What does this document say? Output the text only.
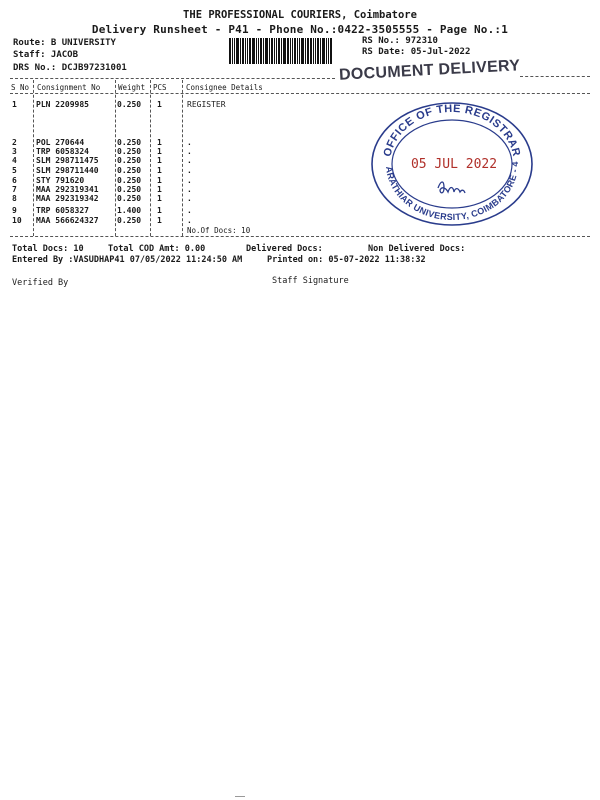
THE PROFESSIONAL COURIERS, Coimbatore
Delivery Runsheet - P41 - Phone No.:0422-3505555 - Page No.:1
Route: B UNIVERSITY
Staff: JACOB
DRS No.: DCJB97231001
RS No.: 972310
RS Date: 05-Jul-2022
DOCUMENT DELIVERY
S No Consignment No Weight PCS	Consignee Details
1 PLN 2209985	0.250 1	REGISTER
2 POL 270644	0.250 1	.
3 TRP 6058324	0.250 1	.
4 SLM 298711475 0.250 1	.
5 SLM 298711440 0.250 1	.
6 STY 791620	0.250 1	.
7 MAA 292319341 0.250 1	.
8 MAA 292319342 0.250 1	.
9 TRP 6058327	1.400 1	.
10 MAA 566624327 0.250 1	.
No.Of Docs: 10
OFFICE OF THE REGISTRAR
ARATHIAR UNIVERSITY, COIMBATORE - 4
05 JUL 2022
Total Docs: 10	Total COD Amt: 0.00	Delivered Docs:	Non Delivered Docs:
Entered By :VASUDHAP41 07/05/2022 11:24:50 AM	Printed on: 05-07-2022 11:38:32
Verified By	Staff Signature
